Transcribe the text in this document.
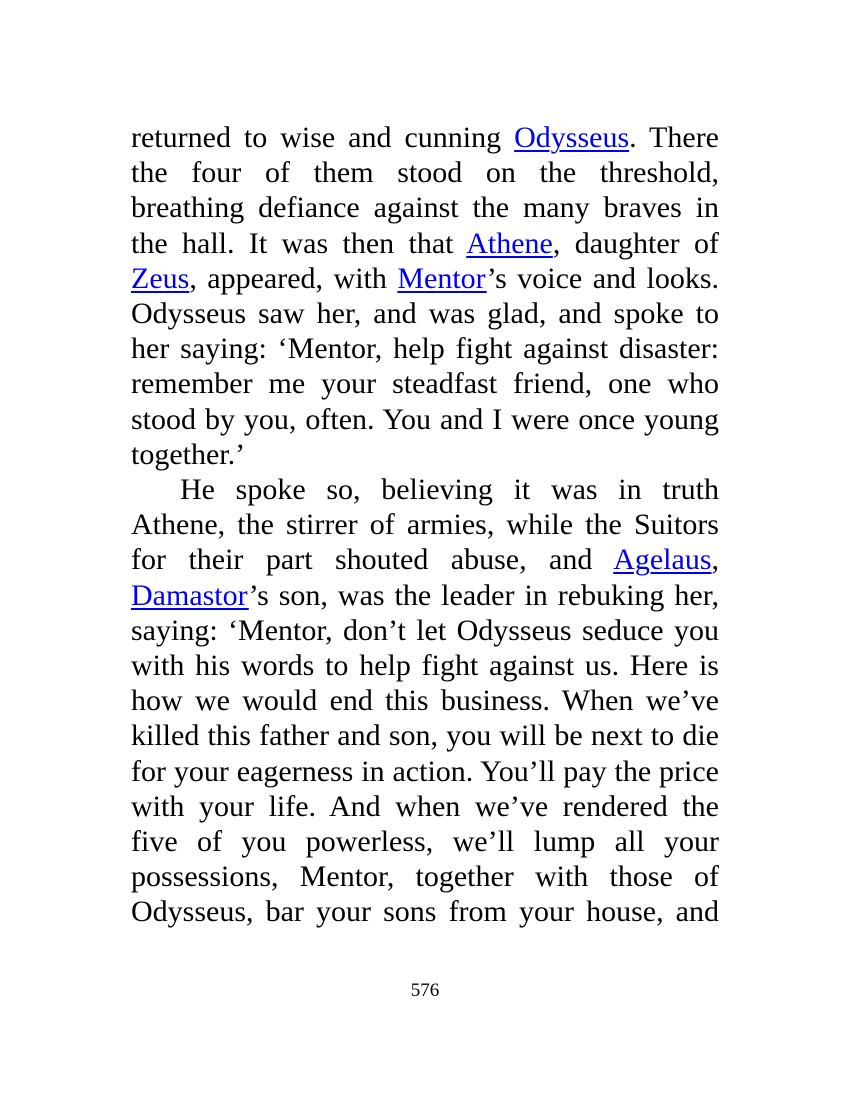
returned to wise and cunning Odysseus. There the four of them stood on the threshold, breathing defiance against the many braves in the hall. It was then that Athene, daughter of Zeus, appeared, with Mentor’s voice and looks. Odysseus saw her, and was glad, and spoke to her saying: ‘Mentor, help fight against disaster: remember me your steadfast friend, one who stood by you, often. You and I were once young together.’

He spoke so, believing it was in truth Athene, the stirrer of armies, while the Suitors for their part shouted abuse, and Agelaus, Damastor’s son, was the leader in rebuking her, saying: ‘Mentor, don’t let Odysseus seduce you with his words to help fight against us. Here is how we would end this business. When we’ve killed this father and son, you will be next to die for your eagerness in action. You’ll pay the price with your life. And when we’ve rendered the five of you powerless, we’ll lump all your possessions, Mentor, together with those of Odysseus, bar your sons from your house, and

576
